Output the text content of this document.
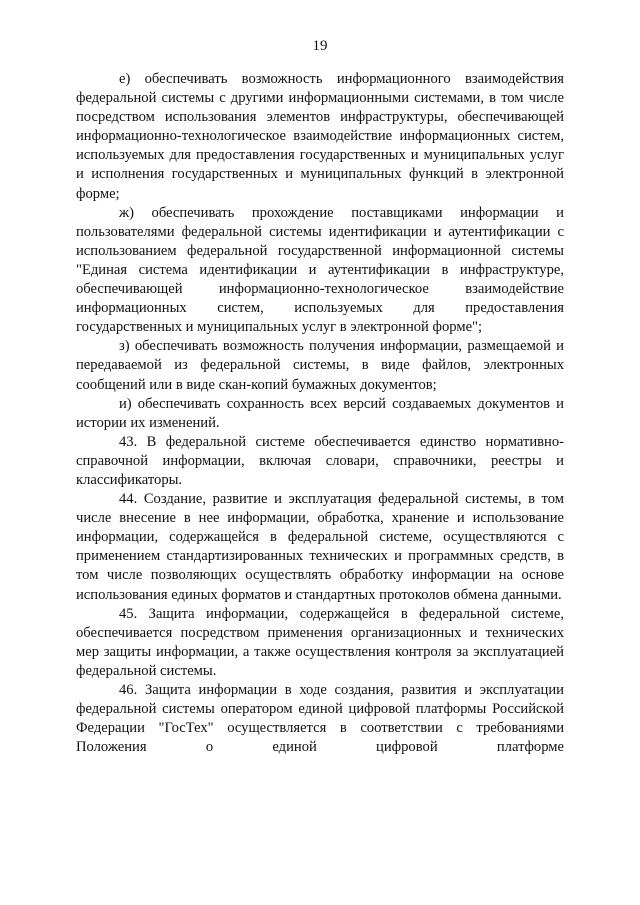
19

е) обеспечивать возможность информационного взаимодействия федеральной системы с другими информационными системами, в том числе посредством использования элементов инфраструктуры, обеспечивающей информационно-технологическое взаимодействие информационных систем, используемых для предоставления государственных и муниципальных услуг и исполнения государственных и муниципальных функций в электронной форме;

ж) обеспечивать прохождение поставщиками информации и пользователями федеральной системы идентификации и аутентификации с использованием федеральной государственной информационной системы "Единая система идентификации и аутентификации в инфраструктуре, обеспечивающей информационно-технологическое взаимодействие информационных систем, используемых для предоставления государственных и муниципальных услуг в электронной форме";

з) обеспечивать возможность получения информации, размещаемой и передаваемой из федеральной системы, в виде файлов, электронных сообщений или в виде скан-копий бумажных документов;

и) обеспечивать сохранность всех версий создаваемых документов и истории их изменений.

43. В федеральной системе обеспечивается единство нормативно-справочной информации, включая словари, справочники, реестры и классификаторы.

44. Создание, развитие и эксплуатация федеральной системы, в том числе внесение в нее информации, обработка, хранение и использование информации, содержащейся в федеральной системе, осуществляются с применением стандартизированных технических и программных средств, в том числе позволяющих осуществлять обработку информации на основе использования единых форматов и стандартных протоколов обмена данными.

45. Защита информации, содержащейся в федеральной системе, обеспечивается посредством применения организационных и технических мер защиты информации, а также осуществления контроля за эксплуатацией федеральной системы.

46. Защита информации в ходе создания, развития и эксплуатации федеральной системы оператором единой цифровой платформы Российской Федерации "ГосТех" осуществляется в соответствии с требованиями Положения о единой цифровой платформе
